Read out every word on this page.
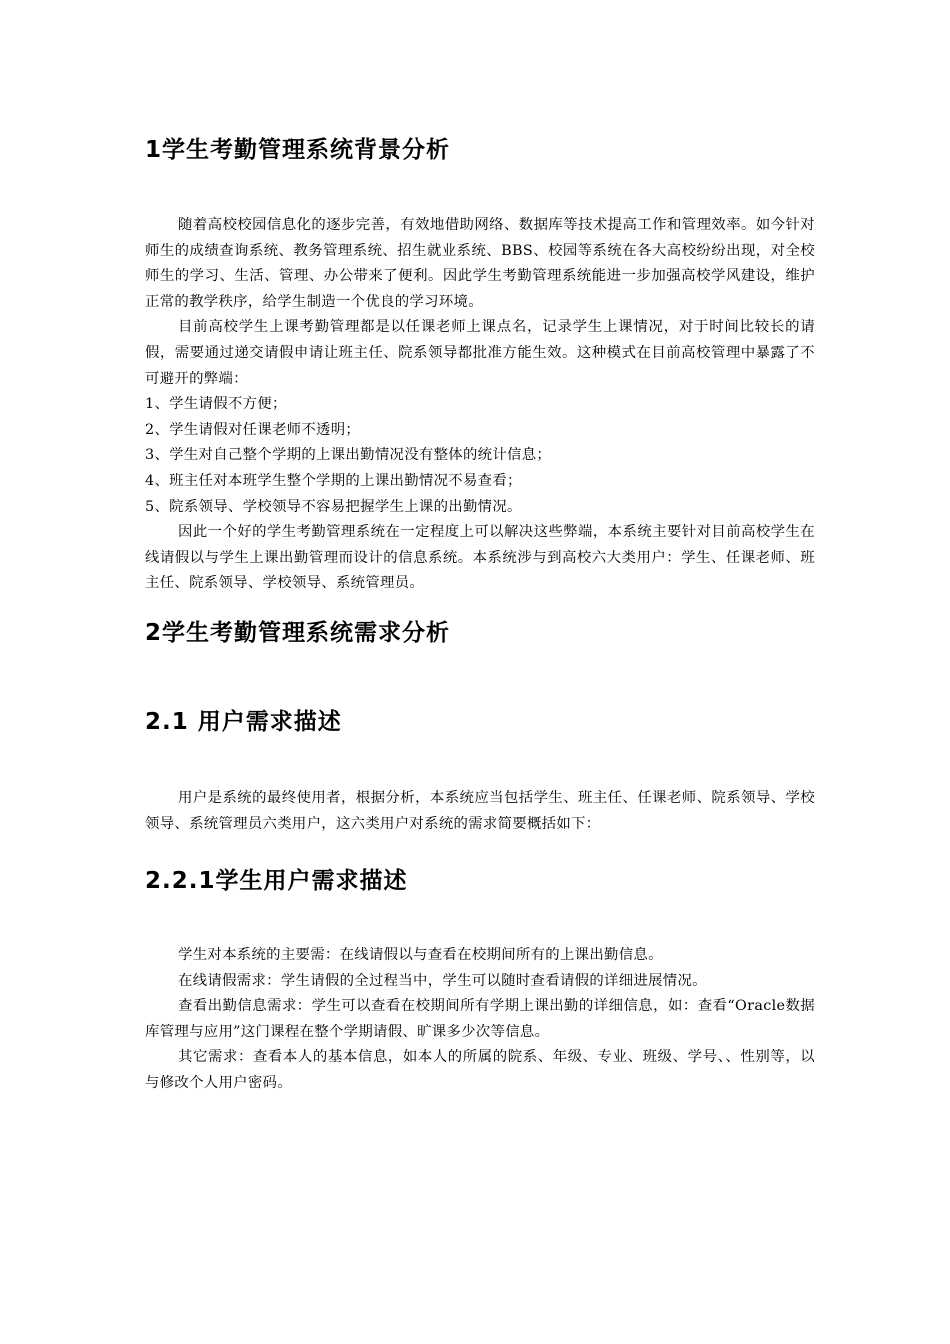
1学生考勤管理系统背景分析

随着高校校园信息化的逐步完善，有效地借助网络、数据库等技术提高工作和管理效率。如今针对师生的成绩查询系统、教务管理系统、招生就业系统、BBS、校园等系统在各大高校纷纷出现，对全校师生的学习、生活、管理、办公带来了便利。因此学生考勤管理系统能进一步加强高校学风建设，维护正常的教学秩序，给学生制造一个优良的学习环境。

目前高校学生上课考勤管理都是以任课老师上课点名，记录学生上课情况，对于时间比较长的请假，需要通过递交请假申请让班主任、院系领导都批准方能生效。这种模式在目前高校管理中暴露了不可避开的弊端：

1、学生请假不方便；

2、学生请假对任课老师不透明；

3、学生对自己整个学期的上课出勤情况没有整体的统计信息；

4、班主任对本班学生整个学期的上课出勤情况不易查看；

5、院系领导、学校领导不容易把握学生上课的出勤情况。

因此一个好的学生考勤管理系统在一定程度上可以解决这些弊端，本系统主要针对目前高校学生在线请假以与学生上课出勤管理而设计的信息系统。本系统涉与到高校六大类用户：学生、任课老师、班主任、院系领导、学校领导、系统管理员。

2学生考勤管理系统需求分析
2.1 用户需求描述

用户是系统的最终使用者，根据分析，本系统应当包括学生、班主任、任课老师、院系领导、学校领导、系统管理员六类用户，这六类用户对系统的需求简要概括如下：

2.2.1学生用户需求描述

学生对本系统的主要需：在线请假以与查看在校期间所有的上课出勤信息。

在线请假需求：学生请假的全过程当中，学生可以随时查看请假的详细进展情况。

查看出勤信息需求：学生可以查看在校期间所有学期上课出勤的详细信息，如：查看“Oracle数据库管理与应用”这门课程在整个学期请假、旷课多少次等信息。

其它需求：查看本人的基本信息，如本人的所属的院系、年级、专业、班级、学号、、性别等，以与修改个人用户密码。
